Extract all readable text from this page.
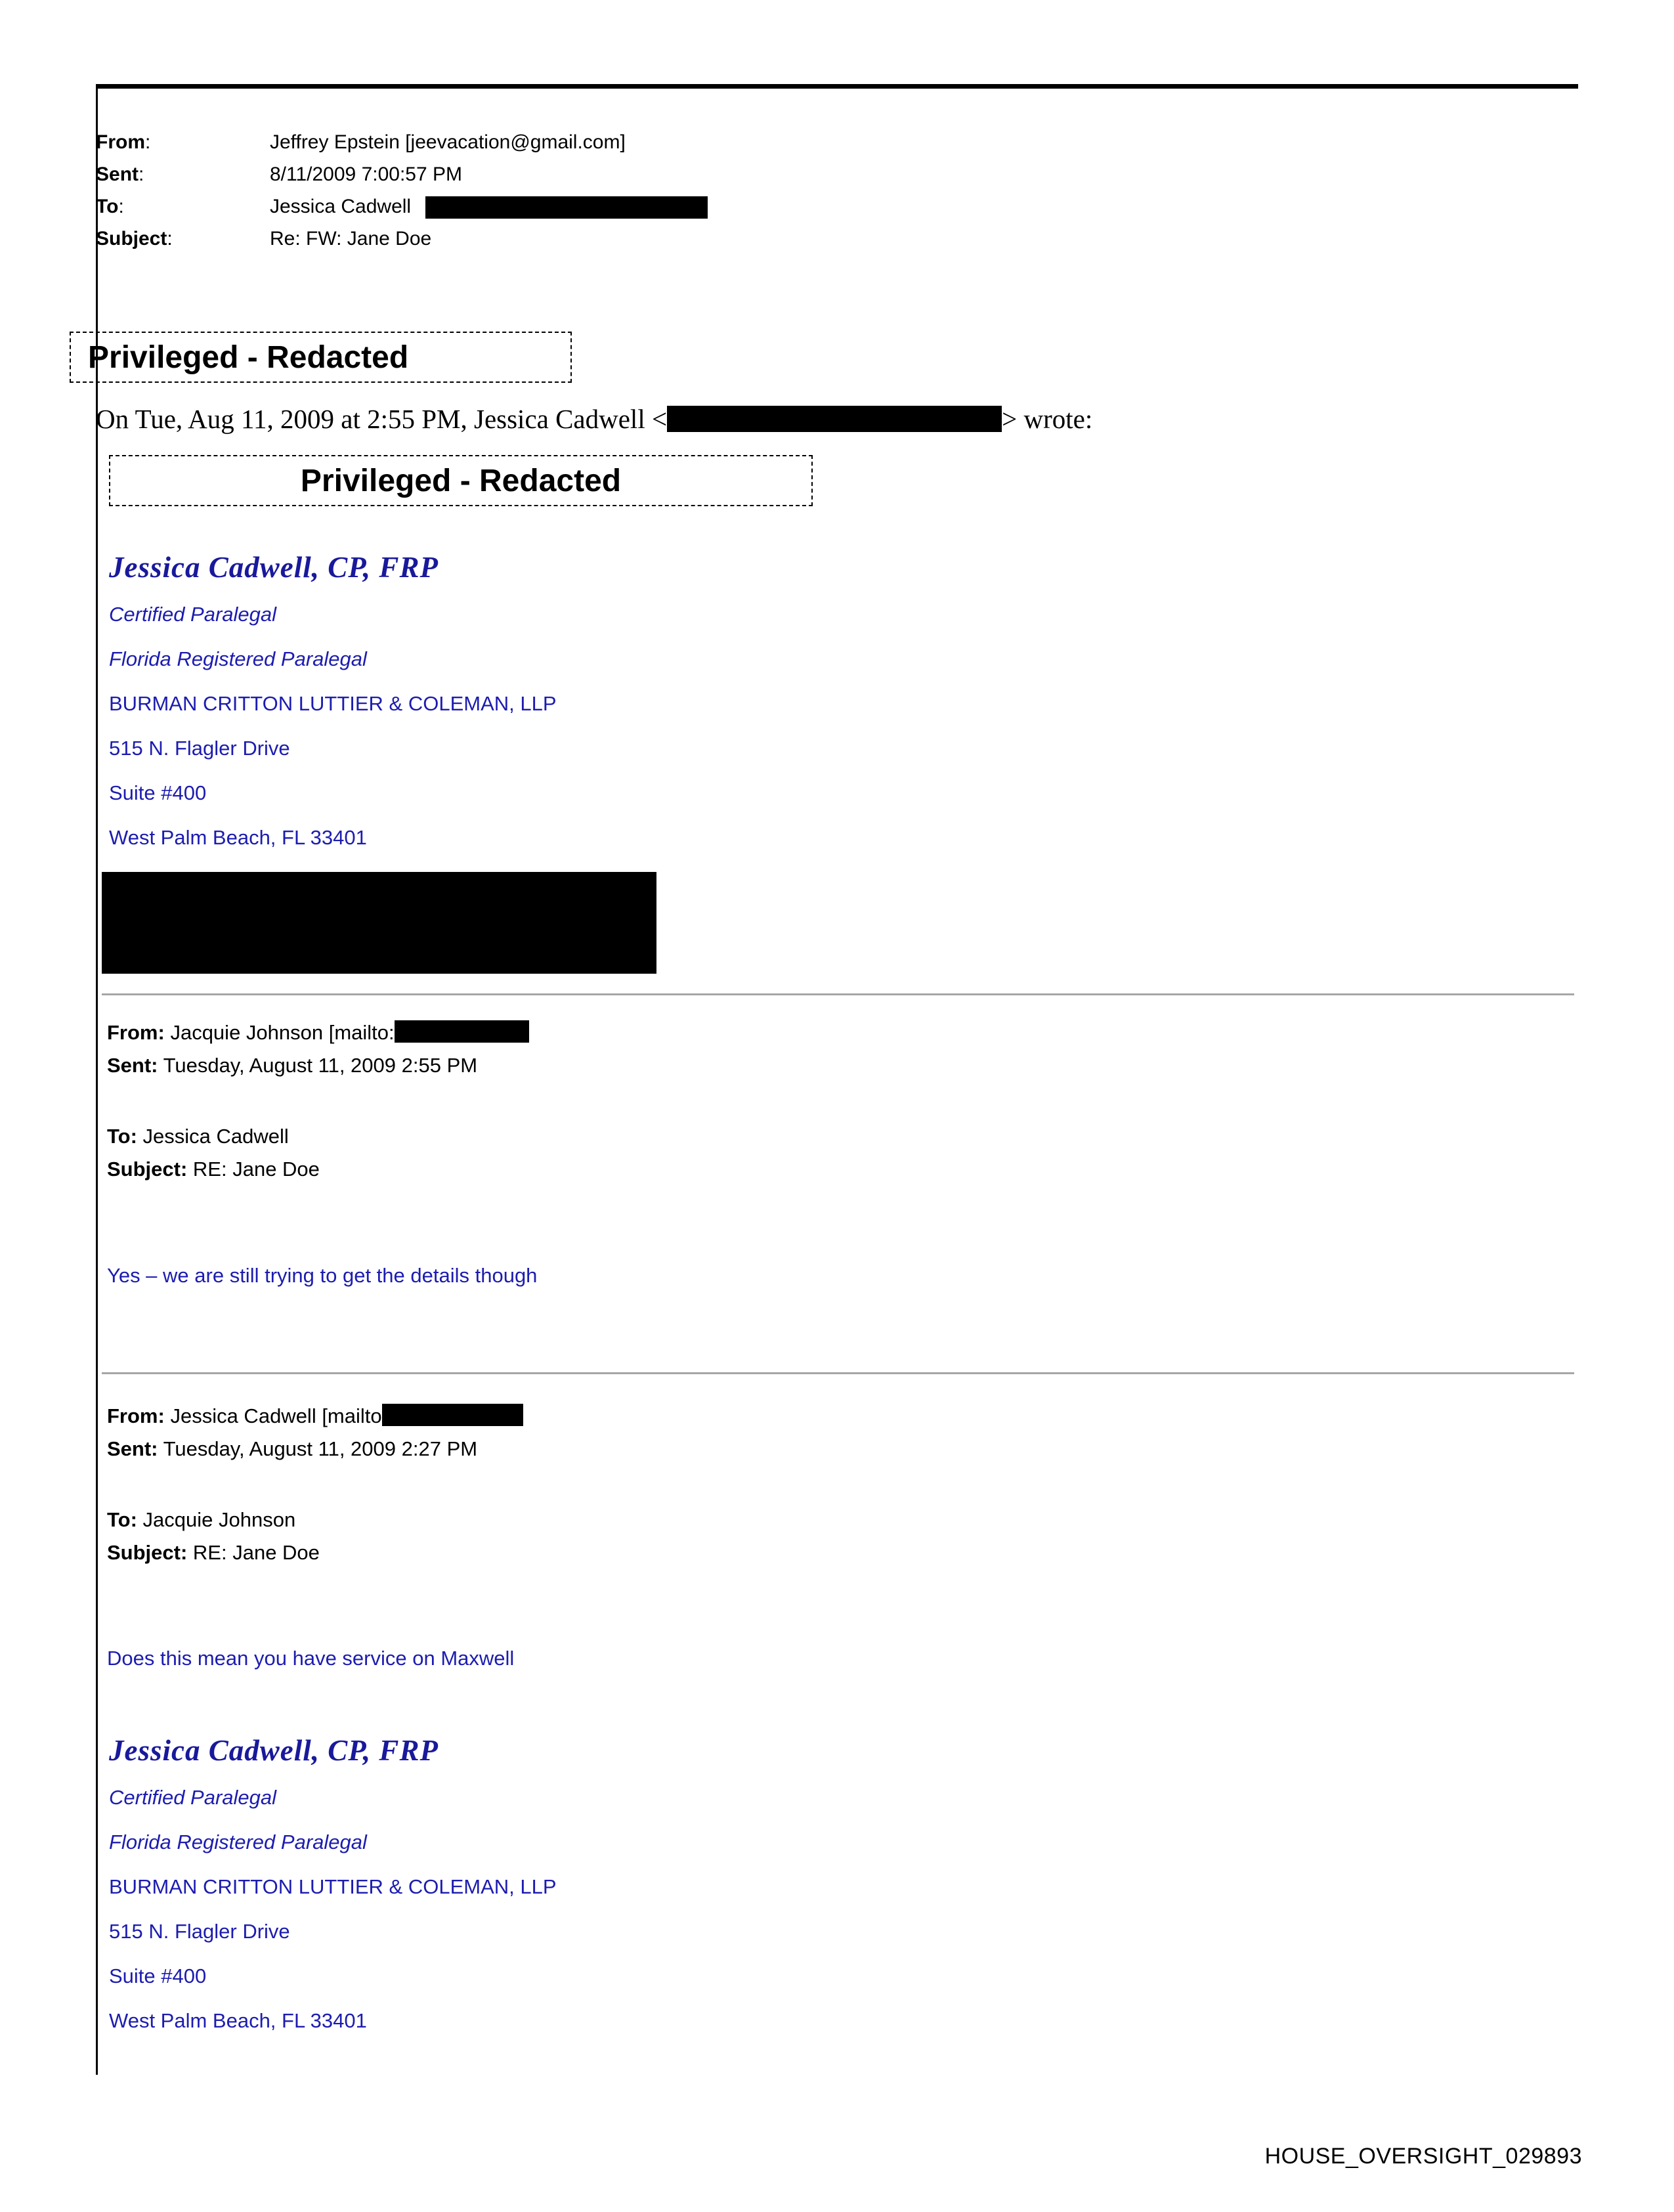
From:	Jeffrey Epstein [jeevacation@gmail.com]
Sent:	8/11/2009 7:00:57 PM
To:	Jessica Cadwell
Subject:	Re: FW: Jane Doe
Privileged - Redacted
On Tue, Aug 11, 2009 at 2:55 PM, Jessica Cadwell <	> wrote:
Privileged - Redacted
Jessica Cadwell, CP, FRP
Certified Paralegal
Florida Registered Paralegal
BURMAN CRITTON LUTTIER & COLEMAN, LLP
515 N. Flagler Drive
Suite #400
West Palm Beach, FL 33401
From: Jacquie Johnson [mailto:
Sent: Tuesday, August 11, 2009 2:55 PM

To: Jessica Cadwell
Subject: RE: Jane Doe
Yes – we are still trying to get the details though
From: Jessica Cadwell [mailto
Sent: Tuesday, August 11, 2009 2:27 PM

To: Jacquie Johnson
Subject: RE: Jane Doe
Does this mean you have service on Maxwell
Jessica Cadwell, CP, FRP
Certified Paralegal
Florida Registered Paralegal
BURMAN CRITTON LUTTIER & COLEMAN, LLP
515 N. Flagler Drive
Suite #400
West Palm Beach, FL 33401
HOUSE_OVERSIGHT_029893
